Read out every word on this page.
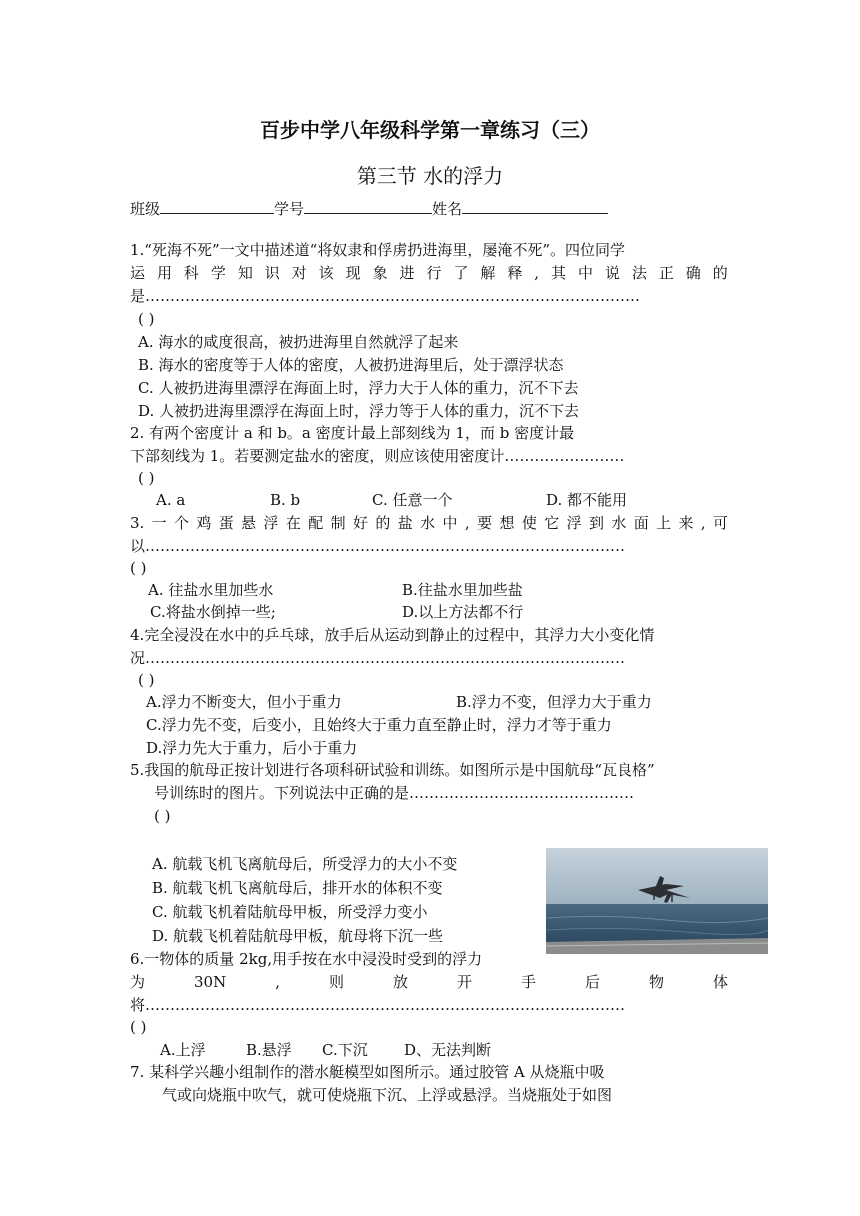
百步中学八年级科学第一章练习（三）
第三节 水的浮力
班级	学号	姓名
1.“死海不死”一文中描述道“将奴隶和俘虏扔进海里，屡淹不死”。四位同学
运 用 科 学 知 识 对 该 现 象 进 行 了 解 释 , 其 中 说 法 正 确 的
是………………………………………………………………………………………
( )
A. 海水的咸度很高，被扔进海里自然就浮了起来
B. 海水的密度等于人体的密度，人被扔进海里后，处于漂浮状态
C. 人被扔进海里漂浮在海面上时，浮力大于人体的重力，沉不下去
D. 人被扔进海里漂浮在海面上时，浮力等于人体的重力，沉不下去
2. 有两个密度计 a 和 b。a 密度计最上部刻线为 1，而 b 密度计最
下部刻线为 1。若要测定盐水的密度，则应该使用密度计……………………
( )
A. a	B. b	C. 任意一个	D. 都不能用
3. 一 个 鸡 蛋 悬 浮 在 配 制 好 的 盐 水 中 , 要 想 使 它 浮 到 水 面 上 来 , 可
以……………………………………………………………………………………
( )
A. 往盐水里加些水	B.往盐水里加些盐
C.将盐水倒掉一些;	D.以上方法都不行
4.完全浸没在水中的乒乓球，放手后从运动到静止的过程中，其浮力大小变化情
况……………………………………………………………………………………
( )
A.浮力不断变大，但小于重力	B.浮力不变，但浮力大于重力
C.浮力先不变，后变小，且始终大于重力直至静止时，浮力才等于重力
D.浮力先大于重力，后小于重力
5.我国的航母正按计划进行各项科研试验和训练。如图所示是中国航母“瓦良格”
号训练时的图片。下列说法中正确的是………………………………………
( )
A. 航载飞机飞离航母后，所受浮力的大小不变
B. 航载飞机飞离航母后，排开水的体积不变
C. 航载飞机着陆航母甲板，所受浮力变小
D. 航载飞机着陆航母甲板，航母将下沉一些
6.一物体的质量 2kg,用手按在水中浸没时受到的浮力
为	30N	,	则	放	开	手	后	物	体
将……………………………………………………………………………………
( )
A.上浮	B.悬浮 C.下沉 D、无法判断
7. 某科学兴趣小组制作的潜水艇模型如图所示。通过胶管 A 从烧瓶中吸
气或向烧瓶中吹气，就可使烧瓶下沉、上浮或悬浮。当烧瓶处于如图
